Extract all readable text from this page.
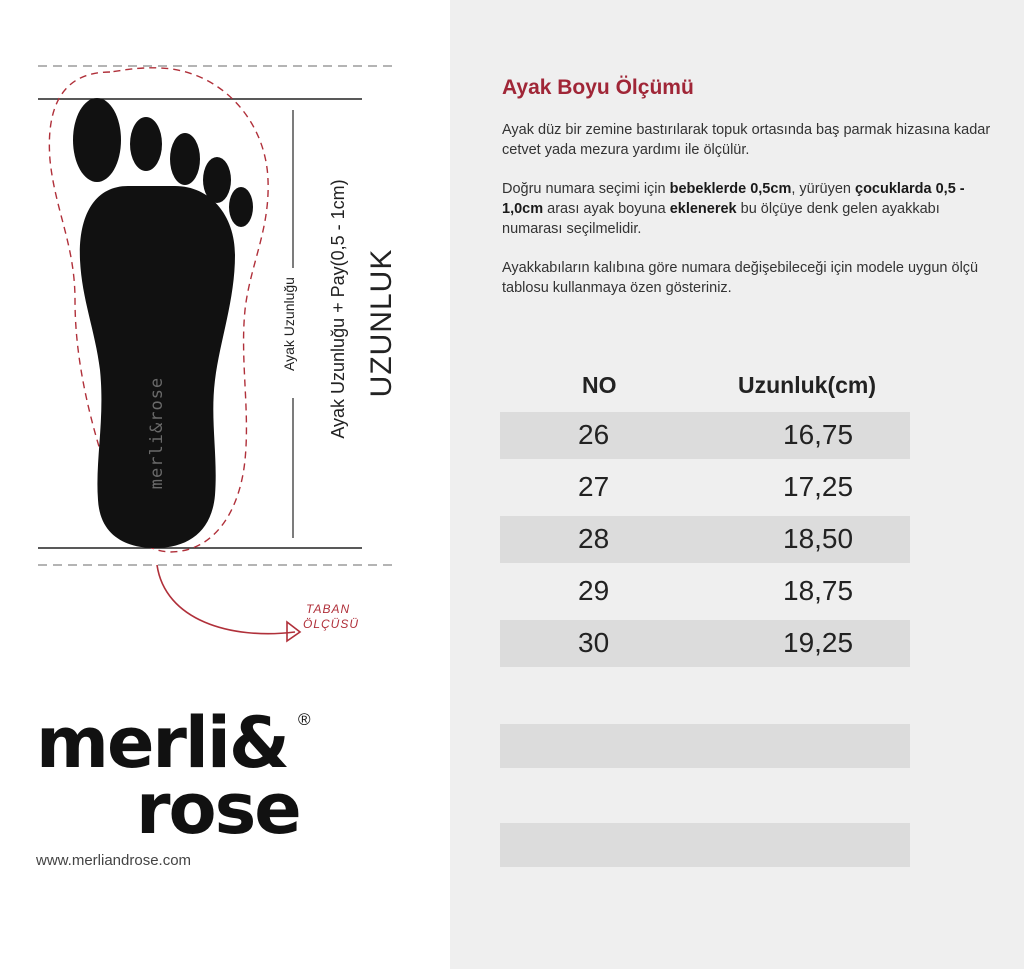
Ayak Uzunluğu Ayak Uzunluğu + Pay(0,5 - 1cm) UZUNLUK
merli&rose
TABAN
ÖLÇÜSÜ
merli& ®
rose
www.merliandrose.com
Ayak Boyu Ölçümü
Ayak düz bir zemine bastırılarak topuk ortasında baş parmak hizasına kadar cetvet yada mezura yardımı ile ölçülür.
Doğru numara seçimi için bebeklerde 0,5cm, yürüyen çocuklarda 0,5 - 1,0cm arası ayak boyuna eklenerek bu ölçüye denk gelen ayakkabı numarası seçilmelidir.
Ayakkabıların kalıbına göre numara değişebileceği için modele uygun ölçü tablosu kullanmaya özen gösteriniz.
NO	Uzunluk(cm)
26	16,75
27	17,25
28	18,50
29	18,75
30	19,25
